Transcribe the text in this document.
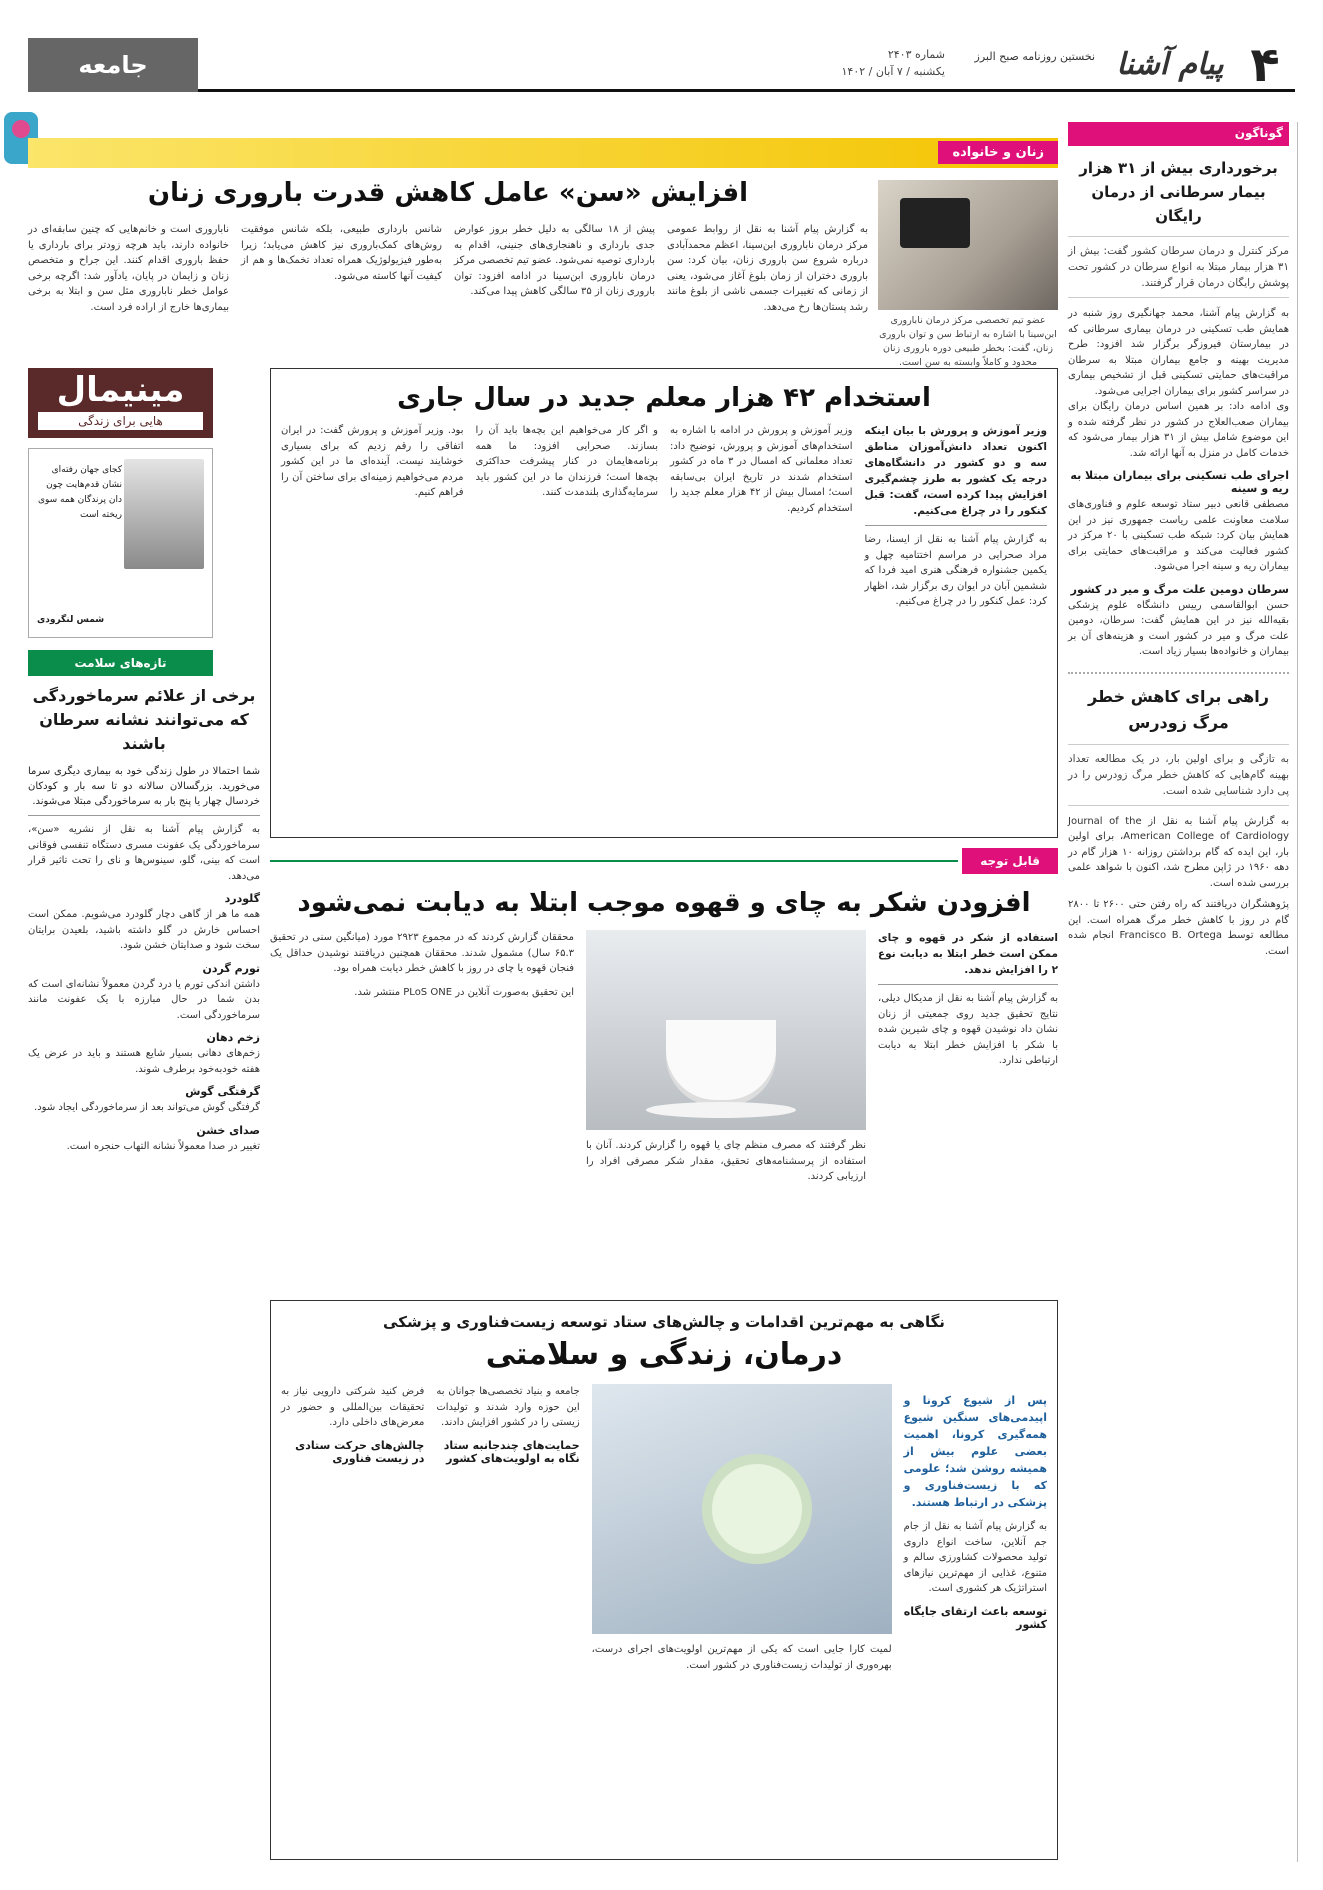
۴
پیام آشنا
نخستین روزنامه صبح البرز
شماره ۲۴۰۳
یکشنبه / ۷ آبان / ۱۴۰۲
جامعه
گوناگون
برخورداری بیش از ۳۱ هزار بیمار سرطانی از درمان رایگان
مرکز کنترل و درمان سرطان کشور گفت: بیش از ۳۱ هزار بیمار مبتلا به انواع سرطان در کشور تحت پوشش رایگان درمان قرار گرفتند.

به گزارش پیام آشنا، محمد جهانگیری روز شنبه در همایش طب تسکینی در درمان بیماری سرطانی که در بیمارستان فیروزگر برگزار شد افزود: طرح مدیریت بهینه و جامع بیماران مبتلا به سرطان مراقبت‌های حمایتی تسکینی قبل از تشخیص بیماری در سراسر کشور برای بیماران اجرایی می‌شود.

وی ادامه داد: بر همین اساس درمان رایگان برای بیماران صعب‌العلاج در کشور در نظر گرفته شده و این موضوع شامل بیش از ۳۱ هزار بیمار می‌شود که خدمات کامل در منزل به آنها ارائه شد.

اجرای طب تسکینی برای بیماران مبتلا به ریه و سینه

مصطفی قانعی دبیر ستاد توسعه علوم و فناوری‌های سلامت معاونت علمی ریاست جمهوری نیز در این همایش بیان کرد: شبکه طب تسکینی با ۲۰ مرکز در کشور فعالیت می‌کند و مراقبت‌های حمایتی برای بیماران ریه و سینه اجرا می‌شود.

سرطان دومین علت مرگ و میر در کشور

حسن ابوالقاسمی رییس دانشگاه علوم پزشکی بقیه‌الله نیز در این همایش گفت: سرطان، دومین علت مرگ و میر در کشور است و هزینه‌های آن بر بیماران و خانواده‌ها بسیار زیاد است.

راهی برای کاهش خطر مرگ زودرس
به تازگی و برای اولین بار، در یک مطالعه تعداد بهینه گام‌هایی که کاهش خطر مرگ زودرس را در پی دارد شناسایی شده است.

به گزارش پیام آشنا به نقل از Journal of the American College of Cardiology، برای اولین بار، این ایده که گام برداشتن روزانه ۱۰ هزار گام در دهه ۱۹۶۰ در ژاپن مطرح شد، اکنون با شواهد علمی بررسی شده است.

پژوهشگران دریافتند که راه رفتن حتی ۲۶۰۰ تا ۲۸۰۰ گام در روز با کاهش خطر مرگ همراه است. این مطالعه توسط Francisco B. Ortega انجام شده است.

زنان و خانواده
افزایش «سن» عامل کاهش قدرت باروری زنان
عضو تیم تخصصی مرکز درمان ناباروری ابن‌سینا با اشاره به ارتباط سن و توان باروری زنان، گفت: بخطر طبیعی دوره باروری زنان محدود و کاملاً وابسته به سن است.

به گزارش پیام آشنا به نقل از روابط عمومی مرکز درمان ناباروری ابن‌سینا، اعظم محمدآبادی درباره شروع سن باروری زنان، بیان کرد: سن باروری دختران از زمان بلوغ آغاز می‌شود، یعنی از زمانی که تغییرات جسمی ناشی از بلوغ مانند رشد پستان‌ها رخ می‌دهد.

پیش از ۱۸ سالگی به دلیل خطر بروز عوارض جدی بارداری و ناهنجاری‌های جنینی، اقدام به بارداری توصیه نمی‌شود. عضو تیم تخصصی مرکز درمان ناباروری ابن‌سینا در ادامه افزود: توان باروری زنان از ۳۵ سالگی کاهش پیدا می‌کند.

شانس بارداری طبیعی، بلکه شانس موفقیت روش‌های کمک‌باروری نیز کاهش می‌یابد؛ زیرا به‌طور فیزیولوژیک همراه تعداد تخمک‌ها و هم از کیفیت آنها کاسته می‌شود.

ناباروری است و خانم‌هایی که چنین سابقه‌ای در خانواده دارند، باید هرچه زودتر برای بارداری یا حفظ باروری اقدام کنند. این جراح و متخصص زنان و زایمان در پایان، یادآور شد: اگرچه برخی عوامل خطر ناباروری مثل سن و ابتلا به برخی بیماری‌ها خارج از اراده فرد است.

استخدام ۴۲ هزار معلم جدید در سال جاری
وزیر آموزش و پرورش با بیان اینکه اکنون تعداد دانش‌آموزان مناطق سه و دو کشور در دانشگاه‌های درجه یک کشور به طرز چشم‌گیری افزایش پیدا کرده است، گفت: قبل کنکور را در چراغ می‌کنیم.

به گزارش پیام آشنا به نقل از ایسنا، رضا مراد صحرایی در مراسم اختتامیه چهل و یکمین جشنواره فرهنگی هنری امید فردا که ششمین آبان در ایوان ری برگزار شد، اظهار کرد: عمل کنکور را در چراغ می‌کنیم.

وزیر آموزش و پرورش در ادامه با اشاره به استخدام‌های آموزش و پرورش، توضیح داد: تعداد معلمانی که امسال در ۳ ماه در کشور استخدام شدند در تاریخ ایران بی‌سابقه است؛ امسال بیش از ۴۲ هزار معلم جدید را استخدام کردیم.

و اگر کار می‌خواهیم این بچه‌ها باید آن را بسازند. صحرایی افزود: ما همه برنامه‌هایمان در کنار پیشرفت حداکثری بچه‌ها است؛ فرزندان ما در این کشور باید سرمایه‌گذاری بلند‌مدت کنند.

بود. وزیر آموزش و پرورش گفت: در ایران اتفاقی را رقم زدیم که برای بسیاری خوشایند نیست. آینده‌ای ما در این کشور مردم می‌خواهیم زمینه‌ای برای ساختن آن را فراهم کنیم.

مینیمال
هایی برای زندگی
کجای جهان رفته‌ای نشان قدم‌هایت چون دان پرندگان همه سوی ریخته است
شمس لنگرودی
تازه‌های سلامت
برخی از علائم سرماخوردگی که می‌توانند نشانه سرطان باشند
شما احتمالا در طول زندگی خود به بیماری دیگری سرما می‌خورید. بزرگسالان سالانه دو تا سه بار و کودکان خردسال چهار یا پنج بار به سرماخوردگی مبتلا می‌شوند.

به گزارش پیام آشنا به نقل از نشریه «سن»، سرماخوردگی یک عفونت مسری دستگاه تنفسی فوقانی است که بینی، گلو، سینوس‌ها و نای را تحت تاثیر قرار می‌دهد.

گلودرد

همه ما هر از گاهی دچار گلودرد می‌شویم. ممکن است احساس خارش در گلو داشته باشید، بلعیدن برایتان سخت شود و صدایتان خشن شود.

تورم گردن

داشتن اندکی تورم یا درد گردن معمولاً نشانه‌ای است که بدن شما در حال مبارزه با یک عفونت مانند سرماخوردگی است.

زخم دهان

زخم‌های دهانی بسیار شایع هستند و باید در عرض یک هفته خودبه‌خود برطرف شوند.

گرفتگی گوش

گرفتگی گوش می‌تواند بعد از سرماخوردگی ایجاد شود.

صدای خشن

تغییر در صدا معمولاً نشانه التهاب حنجره است.

قابل توجه
افزودن شکر به چای و قهوه موجب ابتلا به دیابت نمی‌شود
استفاده از شکر در قهوه و چای ممکن است خطر ابتلا به دیابت نوع ۲ را افزایش ندهد.

به گزارش پیام آشنا به نقل از مدیکال دیلی، نتایج تحقیق جدید روی جمعیتی از زنان نشان داد نوشیدن قهوه و چای شیرین شده با شکر با افزایش خطر ابتلا به دیابت ارتباطی ندارد.

نظر گرفتند که مصرف منظم چای یا قهوه را گزارش کردند. آنان با استفاده از پرسشنامه‌های تحقیق، مقدار شکر مصرفی افراد را ارزیابی کردند.

محققان گزارش کردند که در مجموع ۲۹۲۳ مورد (میانگین سنی در تحقیق ۶۵.۳ سال) مشمول شدند. محققان همچنین دریافتند نوشیدن حداقل یک فنجان قهوه یا چای در روز با کاهش خطر دیابت همراه بود.

این تحقیق به‌صورت آنلاین در PLoS ONE منتشر شد.

نگاهی به مهم‌ترین اقدامات و چالش‌های ستاد توسعه زیست‌فناوری و پزشکی
درمان، زندگی و سلامتی
پس از شیوع کرونا و اپیدمی‌های سنگین شیوع همه‌گیری کرونا، اهمیت بعضی علوم بیش از همیشه روشن شد؛ علومی که با زیست‌فناوری و پزشکی در ارتباط هستند.

به گزارش پیام آشنا به نقل از جام جم آنلاین، ساخت انواع داروی تولید محصولات کشاورزی سالم و متنوع، غذایی از مهم‌ترین نیازهای استراتژیک هر کشوری است.

توسعه باعث ارتقای جایگاه کشور

لمیت کارا جایی است که یکی از مهم‌ترین اولویت‌های اجرای درست، بهره‌وری از تولیدات زیست‌فناوری در کشور است.

جامعه و بنیاد تخصصی‌ها جوانان به این حوزه وارد شدند و تولیدات زیستی را در کشور افزایش دادند.

حمایت‌های چندجانبه ستاد نگاه به اولویت‌های کشور

فرض کنید شرکتی دارویی نیاز به تحقیقات بین‌المللی و حضور در معرض‌های داخلی دارد.

چالش‌های حرکت ستادی در زیست فناوری
